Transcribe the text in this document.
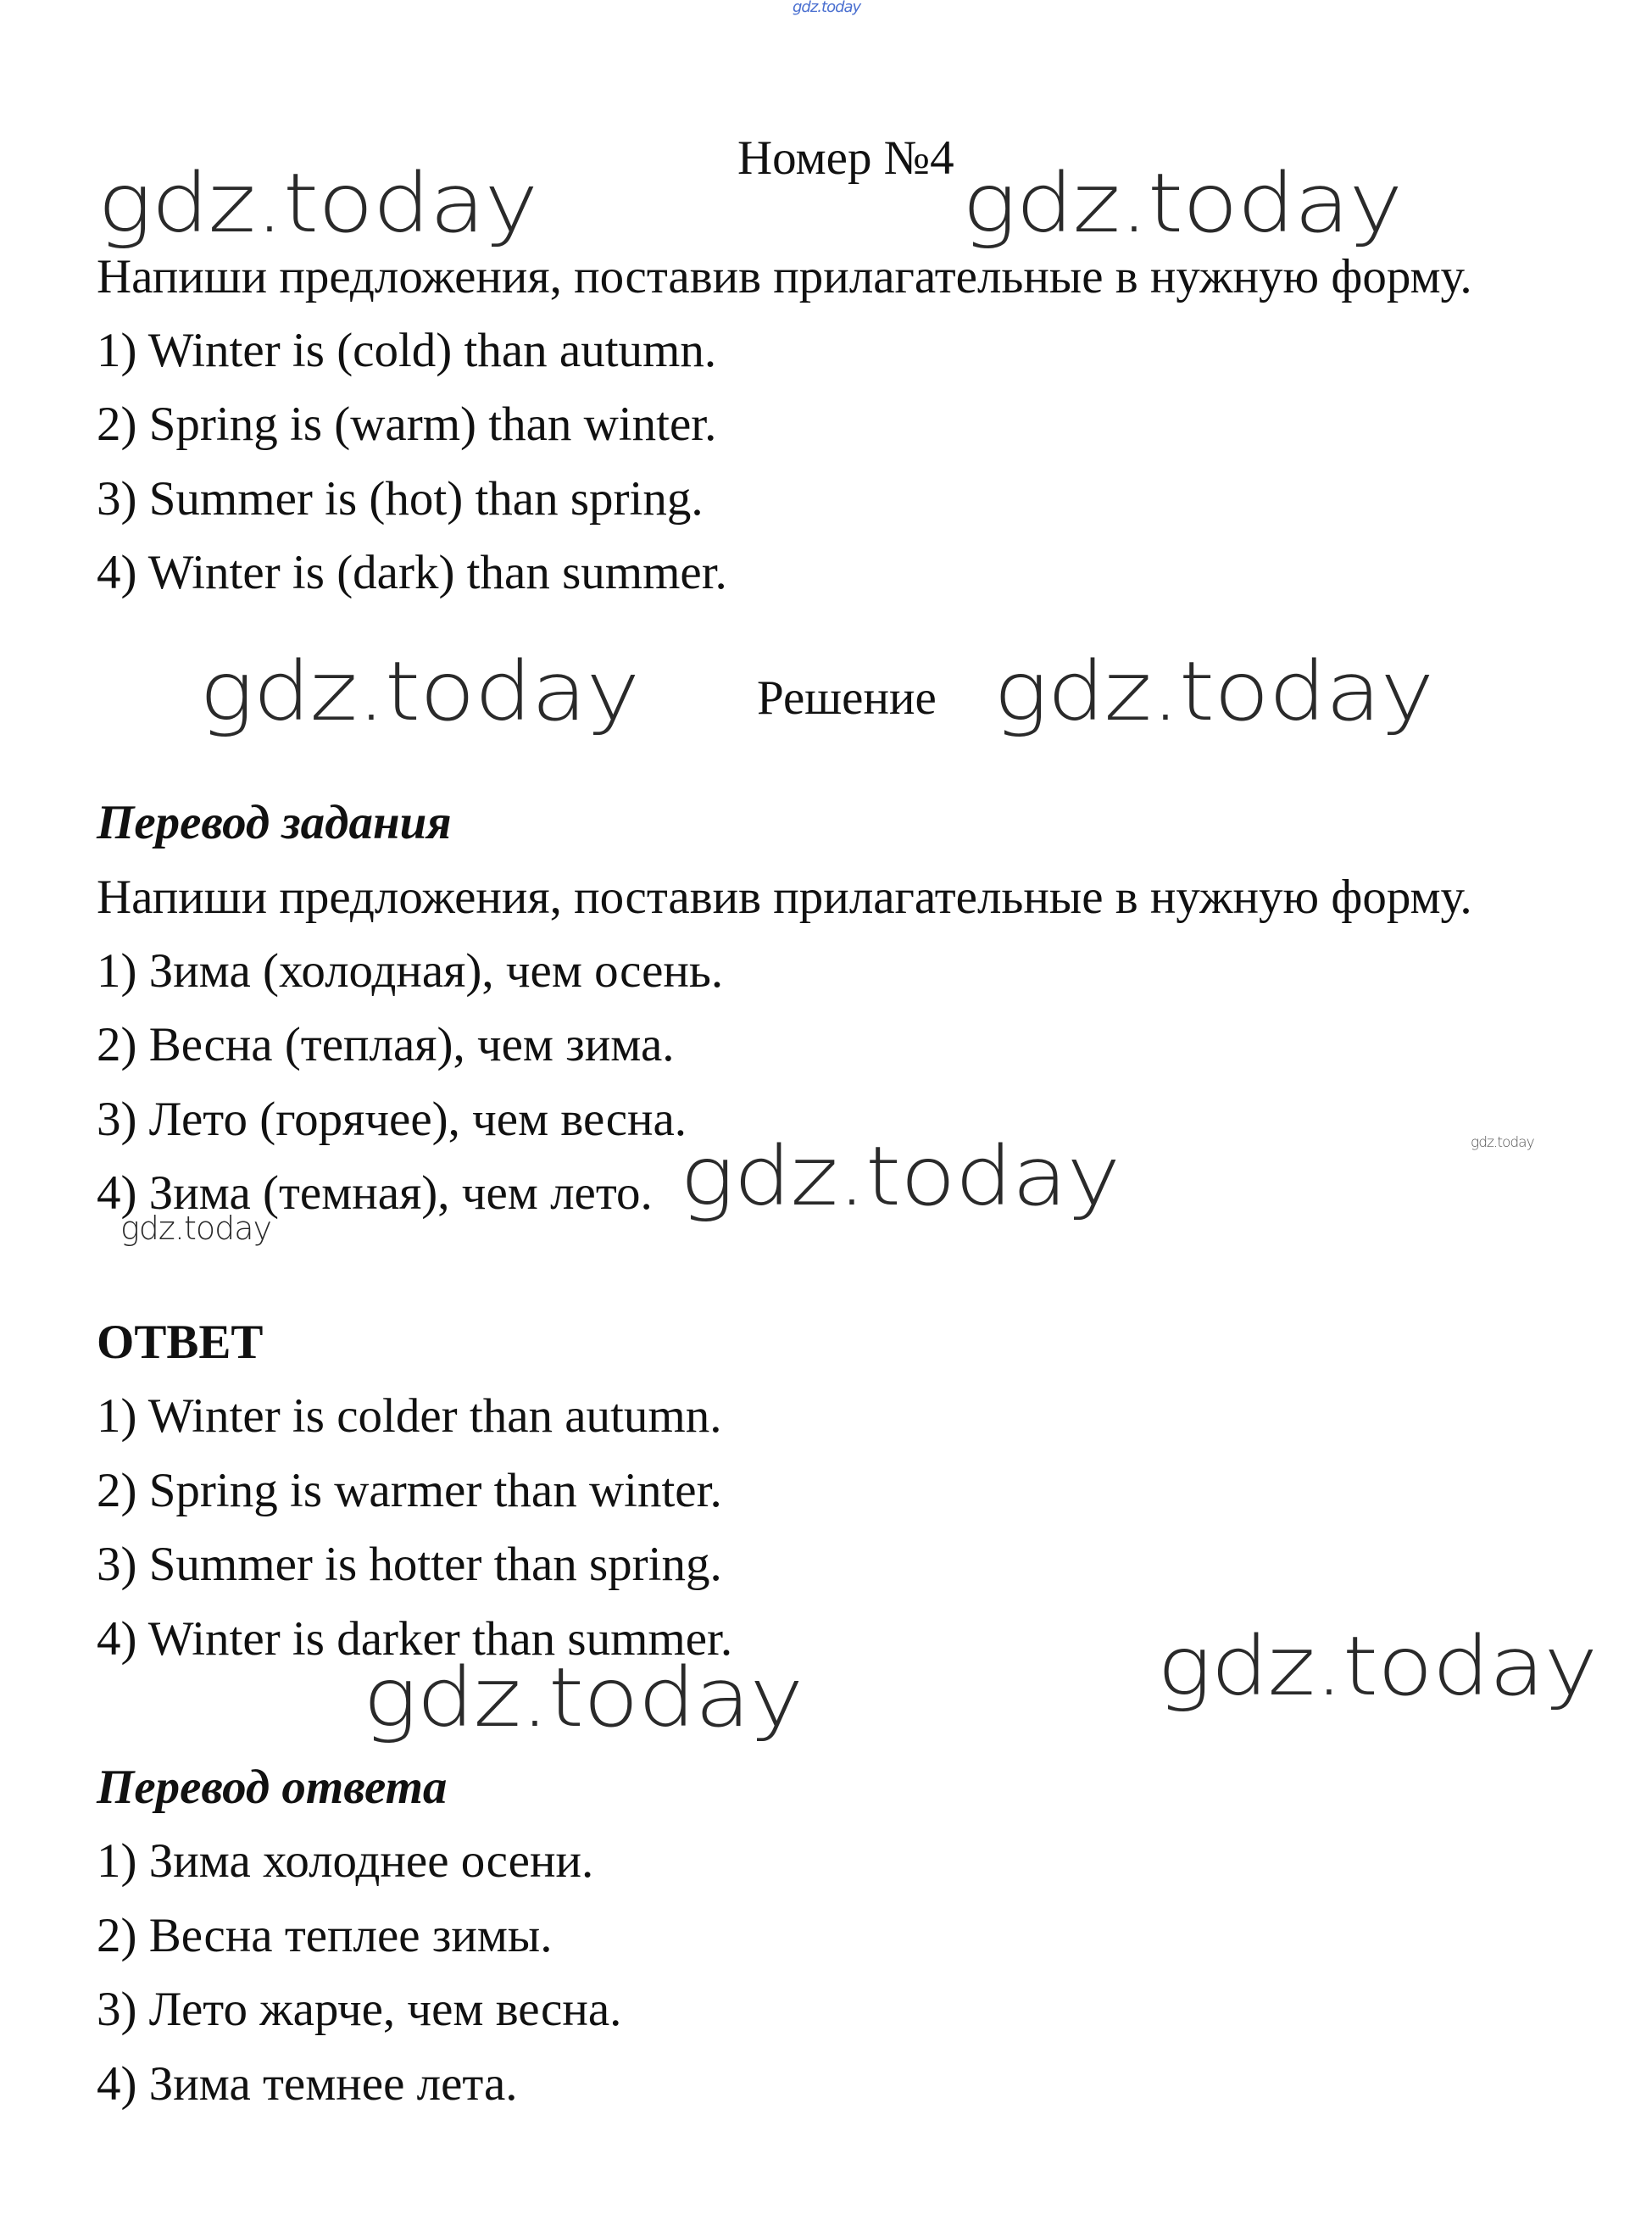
gdz.today
Номер №4
gdz.today	gdz.today
Напиши предложения, поставив прилагательные в нужную форму.
1) Winter is (cold) than autumn.
2) Spring is (warm) than winter.
3) Summer is (hot) than spring.
4) Winter is (dark) than summer.
gdz.today Решение gdz.today
Перевод задания
Напиши предложения, поставив прилагательные в нужную форму.
1) Зима (холодная), чем осень.
2) Весна (теплая), чем зима.
3) Лето (горячее), чем весна.	gdz.today
4) Зима (темная), чем лето. gdz.today
gdz.today
ОТВЕТ
1) Winter is colder than autumn.
2) Spring is warmer than winter.
3) Summer is hotter than spring.
4) Winter is darker than summer.	gdz.today
gdz.today
Перевод ответа
1) Зима холоднее осени.
2) Весна теплее зимы.
3) Лето жарче, чем весна.
4) Зима темнее лета.
